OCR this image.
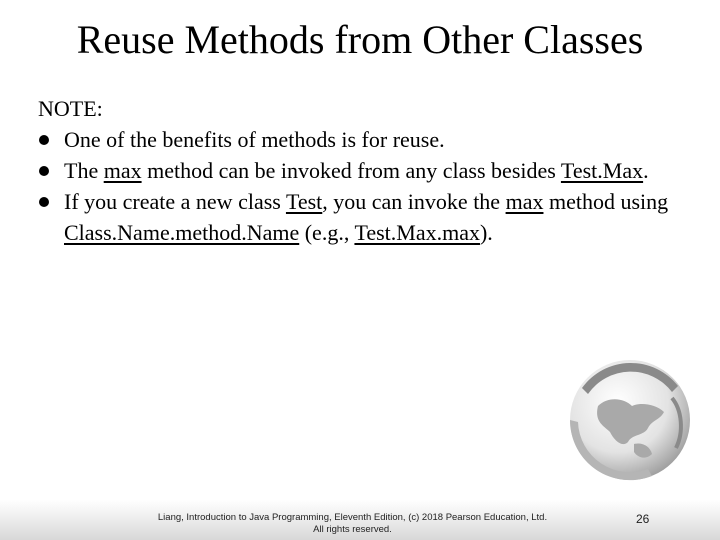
Reuse Methods from Other Classes

NOTE:

One of the benefits of methods is for reuse.
The max method can be invoked from any class besides Test.Max.
If you create a new class Test, you can invoke the max method using Class.Name.method.Name (e.g., Test.Max.max).
Liang, Introduction to Java Programming, Eleventh Edition, (c) 2018 Pearson Education, Ltd.
All rights reserved.
26
